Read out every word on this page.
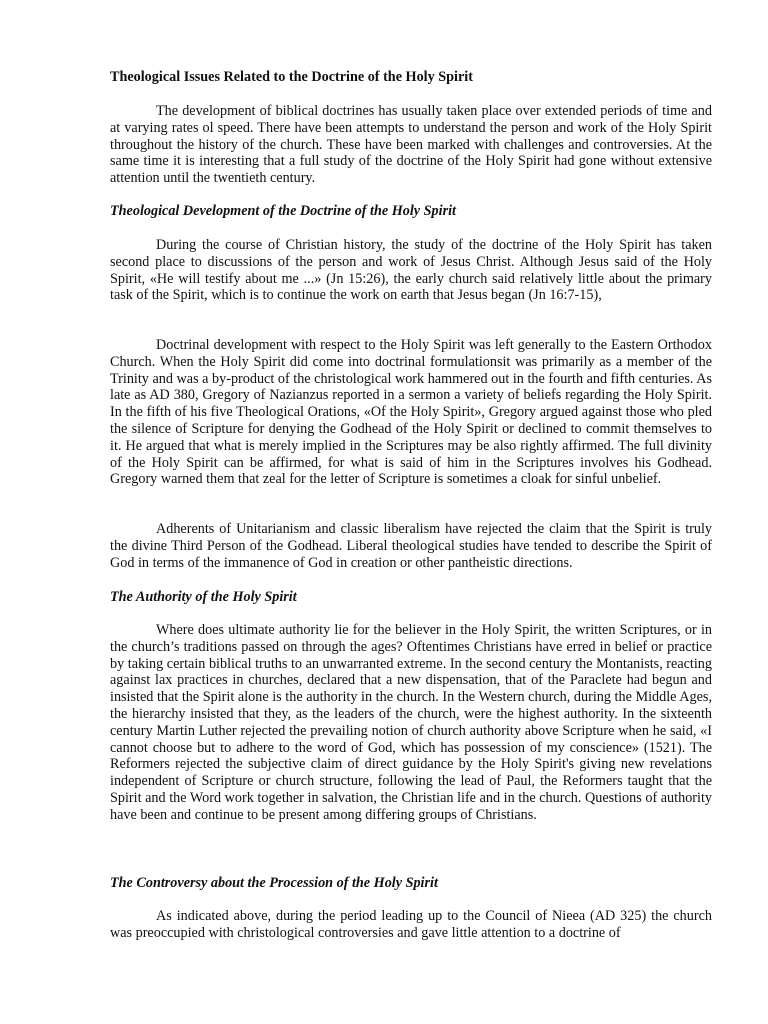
Theological Issues Related to the Doctrine of the Holy Spirit

The development of biblical doctrines has usually taken place over extended periods of time and at varying rates ol speed. There have been attempts to understand the person and work of the Holy Spirit throughout the history of the church. These have been marked with challenges and controversies. At the same time it is interesting that a full study of the doctrine of the Holy Spirit had gone without extensive attention until the twentieth century.

Theological Development of the Doctrine of the Holy Spirit

During the course of Christian history, the study of the doctrine of the Holy Spirit has taken second place to discussions of the person and work of Jesus Christ. Although Jesus said of the Holy Spirit, «He will testify about me ...» (Jn 15:26), the early church said relatively little about the primary task of the Spirit, which is to continue the work on earth that Jesus began (Jn 16:7-15),

Doctrinal development with respect to the Holy Spirit was left generally to the Eastern Orthodox Church. When the Holy Spirit did come into doctrinal formulationsit was primarily as a member of the Trinity and was a by-product of the christological work hammered out in the fourth and fifth centuries. As late as AD 380, Gregory of Nazianzus reported in a sermon a variety of beliefs regarding the Holy Spirit. In the fifth of his five Theological Orations, «Of the Holy Spirit», Gregory argued against those who pled the silence of Scripture for denying the Godhead of the Holy Spirit or declined to commit themselves to it. He argued that what is merely implied in the Scriptures may be also rightly affirmed. The full divinity of the Holy Spirit can be affirmed, for what is said of him in the Scriptures involves his Godhead. Gregory warned them that zeal for the letter of Scripture is sometimes a cloak for sinful unbelief.

Adherents of Unitarianism and classic liberalism have rejected the claim that the Spirit is truly the divine Third Person of the Godhead. Liberal theological studies have tended to describe the Spirit of God in terms of the immanence of God in creation or other pantheistic directions.

The Authority of the Holy Spirit

Where does ultimate authority lie for the believer in the Holy Spirit, the written Scriptures, or in the church’s traditions passed on through the ages? Oftentimes Christians have erred in belief or practice by taking certain biblical truths to an unwarranted extreme. In the second century the Montanists, reacting against lax practices in churches, declared that a new dispensation, that of the Paraclete had begun and insisted that the Spirit alone is the authority in the church. In the Western church, during the Middle Ages, the hierarchy insisted that they, as the leaders of the church, were the highest authority. In the sixteenth century Martin Luther rejected the prevailing notion of church authority above Scripture when he said, «I cannot choose but to adhere to the word of God, which has possession of my conscience» (1521). The Reformers rejected the subjective claim of direct guidance by the Holy Spirit's giving new revelations independent of Scripture or church structure, following the lead of Paul, the Reformers taught that the Spirit and the Word work together in salvation, the Christian life and in the church. Questions of authority have been and continue to be present among differing groups of Christians.

The Controversy about the Procession of the Holy Spirit

As indicated above, during the period leading up to the Council of Nieea (AD 325) the church was preoccupied with christological controversies and gave little attention to a doctrine of
